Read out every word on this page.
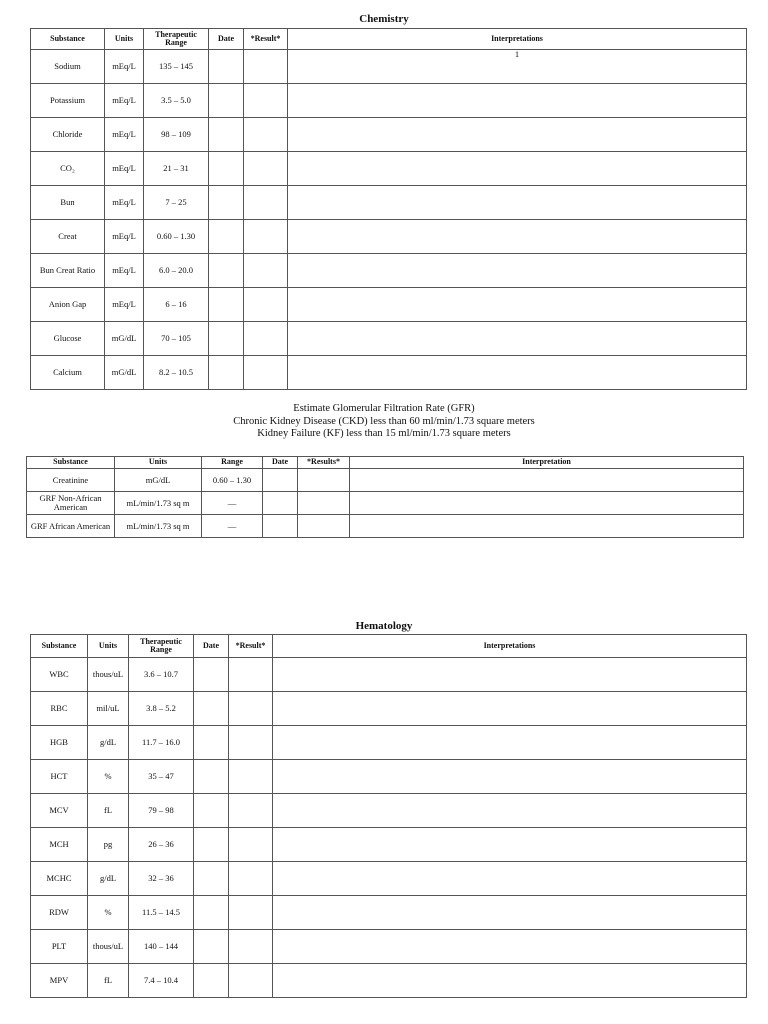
Chemistry
Substance	Units	Therapeutic Range	Date	*Result*	Interpretations
Sodium	mEq/L	135 – 145			1
Potassium	mEq/L	3.5 – 5.0			
Chloride	mEq/L	98 – 109			
CO₂	mEq/L	21 – 31			
Bun	mEq/L	7 – 25			
Creat	mEq/L	0.60 – 1.30			
Bun Creat Ratio	mEq/L	6.0 – 20.0			
Anion Gap	mEq/L	6 – 16			
Glucose	mG/dL	70 – 105			
Calcium	mG/dL	8.2 – 10.5			
Estimate Glomerular Filtration Rate (GFR)
Chronic Kidney Disease (CKD) less than 60 ml/min/1.73 square meters
Kidney Failure (KF) less than 15 ml/min/1.73 square meters
Substance	Units	Range	Date	*Results*	Interpretation
Creatinine	mG/dL	0.60 – 1.30			
GRF Non-African American	mL/min/1.73 sq m	—			
GRF African American	mL/min/1.73 sq m	—			
Hematology
Substance	Units	Therapeutic Range	Date	*Result*	Interpretations
WBC	thous/uL	3.6 – 10.7			
RBC	mil/uL	3.8 – 5.2			
HGB	g/dL	11.7 – 16.0			
HCT	%	35 – 47			
MCV	fL	79 – 98			
MCH	pg	26 – 36			
MCHC	g/dL	32 – 36			
RDW	%	11.5 – 14.5			
PLT	thous/uL	140 – 144			
MPV	fL	7.4 – 10.4			
